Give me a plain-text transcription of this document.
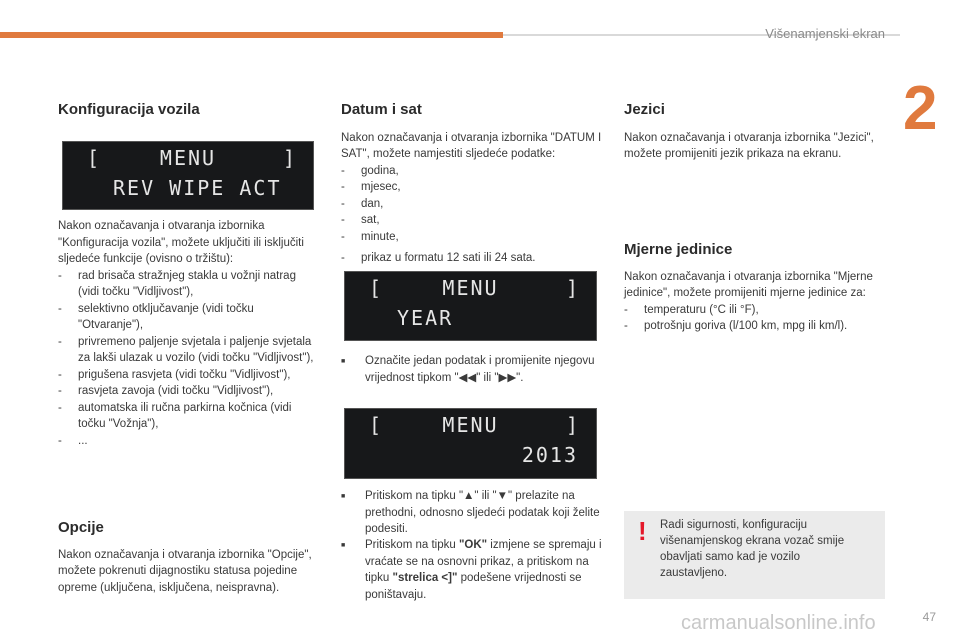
Višenamjenski ekran
2
Konfiguracija vozila
[	MENU	]
REV WIPE ACT

Nakon označavanja i otvaranja izbornika "Konfiguracija vozila", možete uključiti ili isključiti sljedeće funkcije (ovisno o tržištu):

- rad brisača stražnjeg stakla u vožnji natrag (vidi točku "Vidljivost"),
- selektivno otključavanje (vidi točku "Otvaranje"),
- privremeno paljenje svjetala i paljenje svjetala za lakši ulazak u vozilo (vidi točku "Vidljivost"),
- prigušena rasvjeta (vidi točku "Vidljivost"),
- rasvjeta zavoja (vidi točku "Vidljivost"),
- automatska ili ručna parkirna kočnica (vidi točku "Vožnja"),
- ...
Opcije

Nakon označavanja i otvaranja izbornika "Opcije", možete pokrenuti dijagnostiku statusa pojedine opreme (uključena, isključena, neispravna).

Datum i sat

Nakon označavanja i otvaranja izbornika "DATUM I SAT", možete namjestiti sljedeće podatke:

- godina,
- mjesec,
- dan,
- sat,
- minute,
- prikaz u formatu 12 sati ili 24 sata.
[	MENU	]
YEAR
■	Označite jedan podatak i promijenite njegovu vrijednost tipkom "◀◀" ili "▶▶".

[	MENU	]
2013
■	Pritiskom na tipku "▲" ili "▼" prelazite na prethodni, odnosno sljedeći podatak koji želite podesiti.

■	Pritiskom na tipku "OK" izmjene se spremaju i vraćate se na osnovni prikaz, a pritiskom na tipku "strelica <]" podešene vrijednosti se poništavaju.

Jezici

Nakon označavanja i otvaranja izbornika "Jezici", možete promijeniti jezik prikaza na ekranu.

Mjerne jedinice

Nakon označavanja i otvaranja izbornika "Mjerne jedinice", možete promijeniti mjerne jedinice za:

- temperaturu (°C ili °F),
- potrošnju goriva (l/100 km, mpg ili km/l).
! Radi sigurnosti, konfiguraciju višenamjenskog ekrana vozač smije obavljati samo kad je vozilo zaustavljeno.

carmanualsonline.info	47
